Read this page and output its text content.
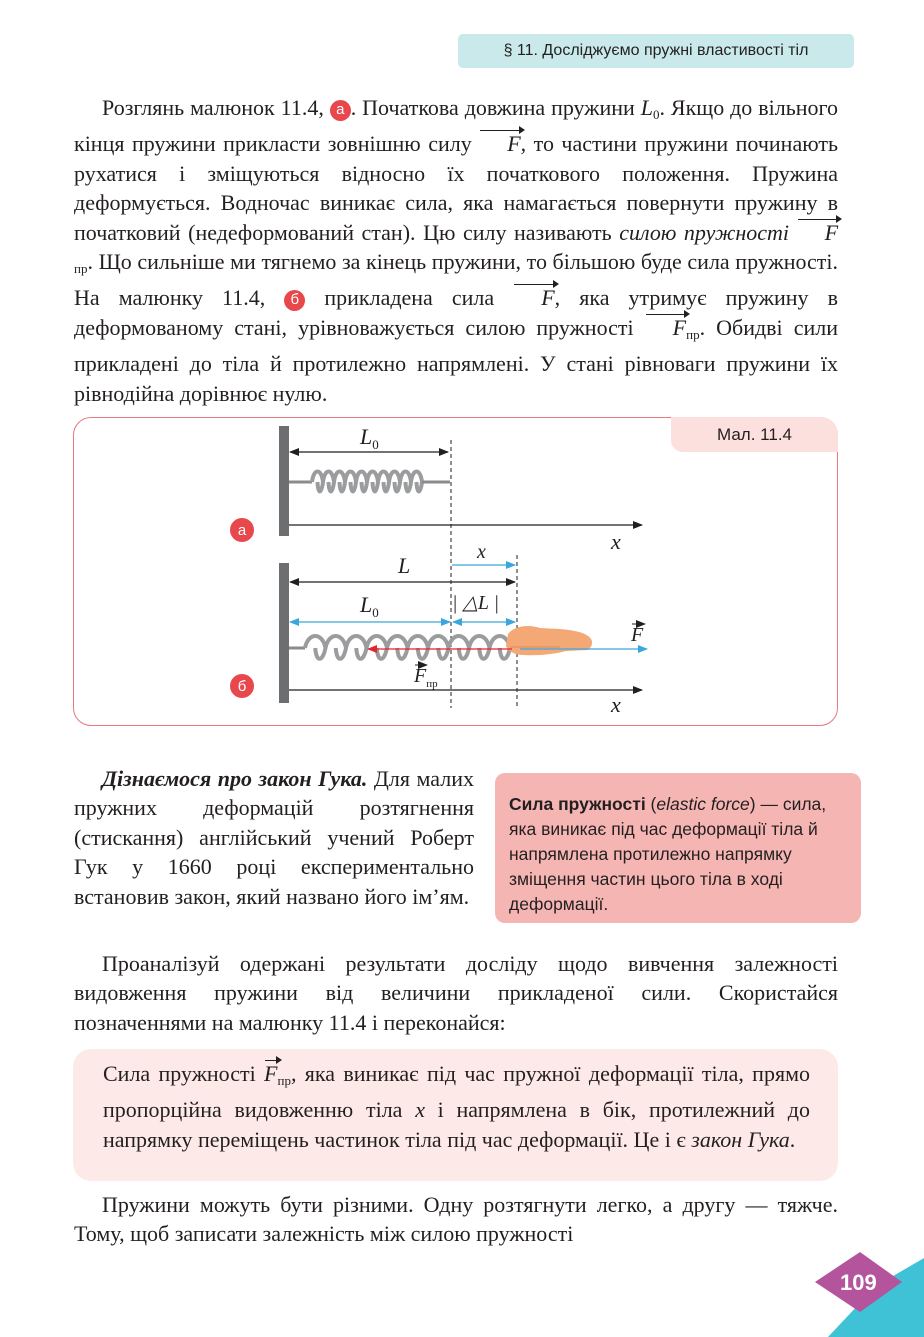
§ 11. Досліджуємо пружні властивості тіл

Розглянь малюнок 11.4, а . Початкова довжина пружини $L_0$. Якщо до вільного кінця пружини прикласти зовнішню силу F, то частини пружини починають рухатися і зміщуються відносно їх початкового положення. Пружина деформується. Водночас виникає сила, яка намагається повернути пружину в початковий (недеформований стан). Цю силу називають силою пружності $F_{пр}$. Що сильніше ми тягнемо за кінець пружини, то більшою буде сила пружності. На малюнку 11.4, б прикладена сила F, яка утримує пружину в деформованому стані, урівноважується силою пружності $F_{пр}$. Обидві сили прикладені до тіла й протилежно напрямлені. У стані рівноваги пружини їх рівнодійна дорівнює нулю.

Мал. 11.4
$L_0$
x
а
L
x
$L_0$	| △L |
F
$F_{пр}$
x
б
109

Дізнаємося про закон Гука. Для малих пружних деформацій розтягнення (стискання) англійський учений Роберт Гук у 1660 році експериментально встановив закон, який названо його ім’ям.

Сила пружності (elastic force) — сила, яка виникає під час деформації тіла й напрямлена протилежно напрямку зміщення частин цього тіла в ході деформації.

Проаналізуй одержані результати досліду щодо вивчення залежності видовження пружини від величини прикладеної сили. Скористайся позначеннями на малюнку 11.4 і переконайся:

Сила пружності $F_{пр}$, яка виникає під час пружної деформації тіла, прямо пропорційна видовженню тіла x і напрямлена в бік, протилежний до напрямку переміщень частинок тіла під час деформації. Це і є закон Гука.

Пружини можуть бути різними. Одну розтягнути легко, а другу — тяжче. Тому, щоб записати залежність між силою пружності
